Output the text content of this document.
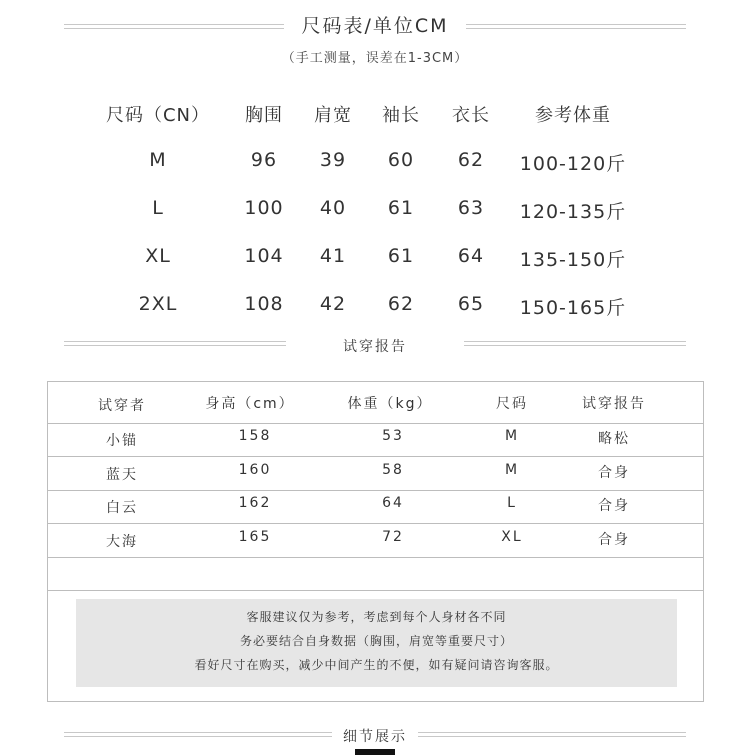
尺码表/单位CM
（手工测量，误差在1-3CM）
尺码（CN）	胸围	肩宽	袖长	衣长	参考体重
M	96	39	60	62	100-120斤
L	100	40	61	63	120-135斤
XL	104	41	61	64	135-150斤
2XL	108	42	62	65	150-165斤
试穿报告
试穿者	身高（cm）	体重（kg）	尺码	试穿报告
小锚	158	53	M	略松
蓝天	160	58	M	合身
白云	162	64	L	合身
大海	165	72	XL	合身
客服建议仅为参考，考虑到每个人身材各不同
务必要结合自身数据（胸围，肩宽等重要尺寸）
看好尺寸在购买，减少中间产生的不便，如有疑问请咨询客服。
细节展示
